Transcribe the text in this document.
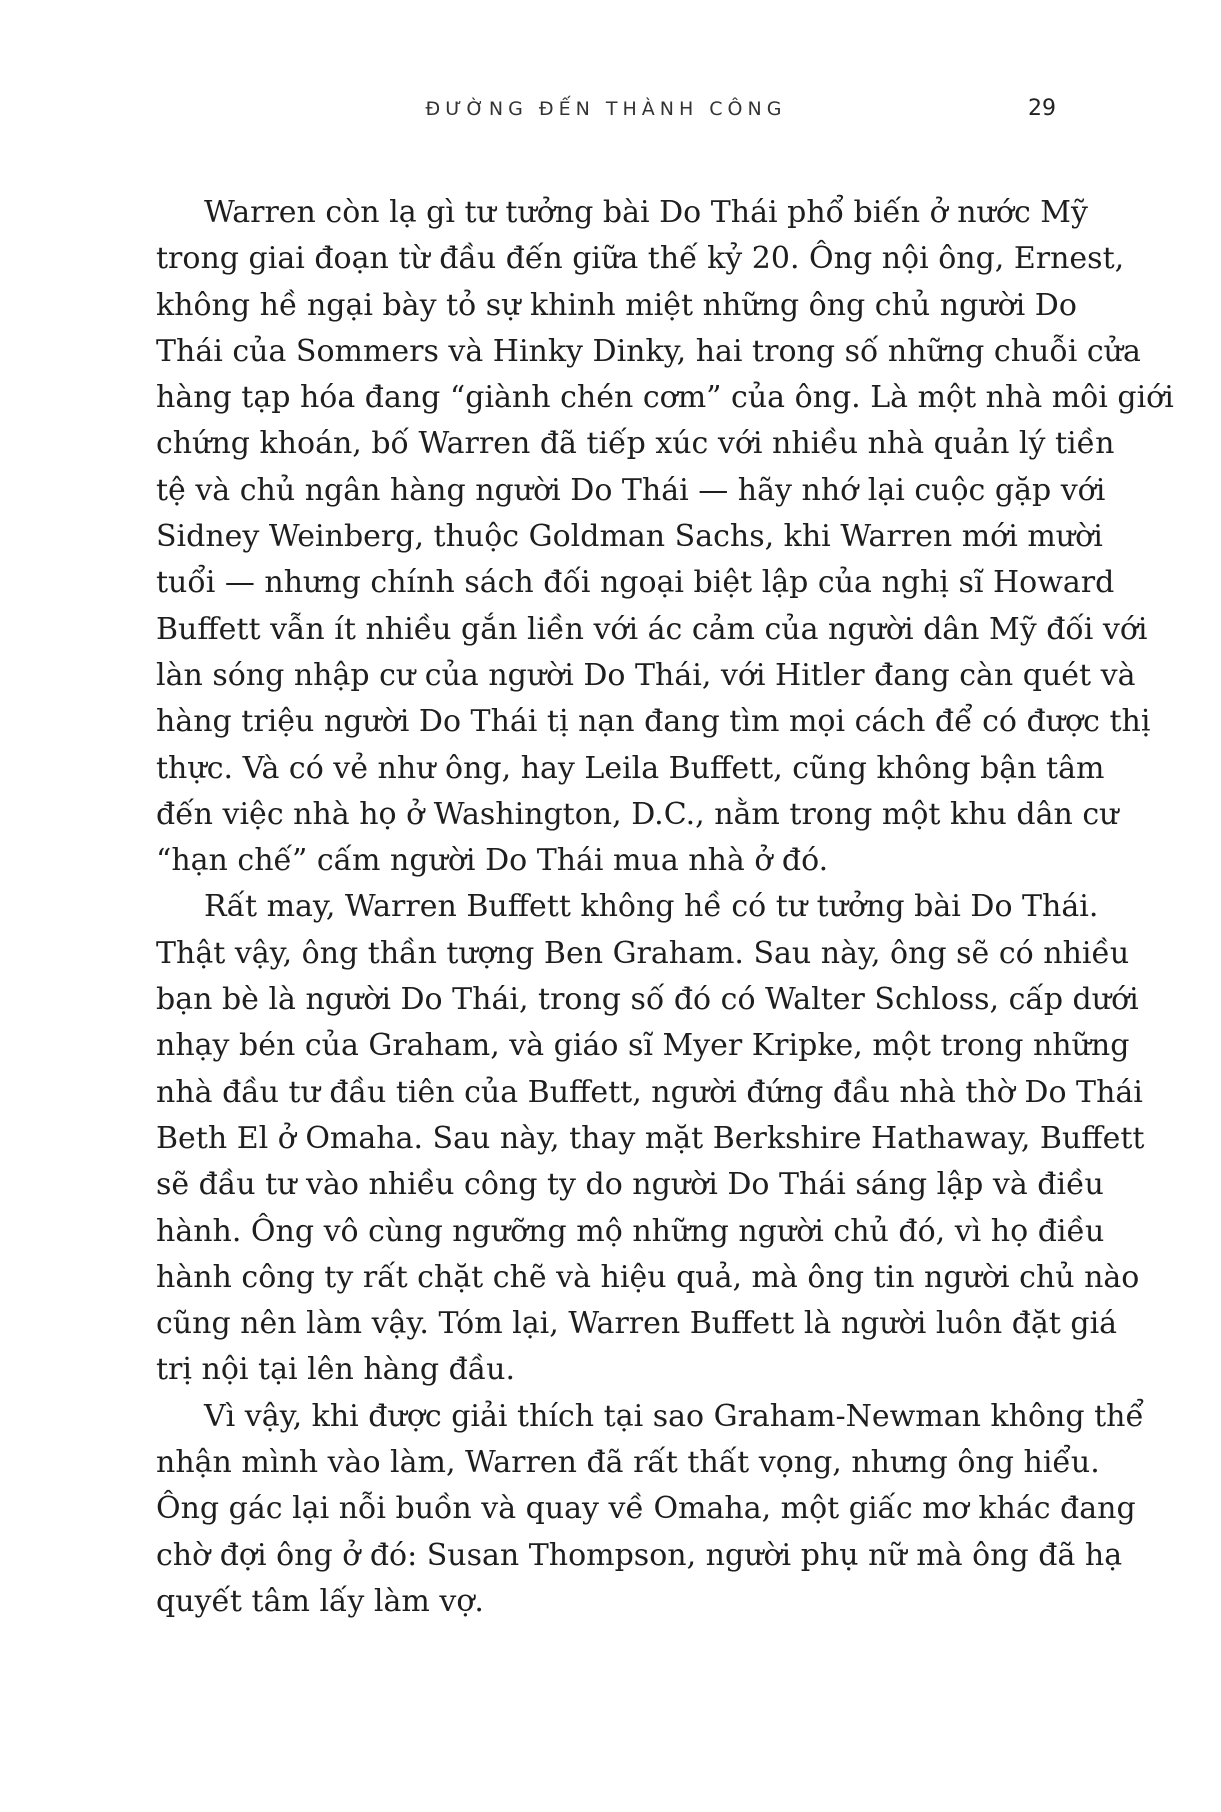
ĐƯỜNG ĐẾN THÀNH CÔNG	29
Warren còn lạ gì tư tưởng bài Do Thái phổ biến ở nước Mỹ
trong giai đoạn từ đầu đến giữa thế kỷ 20. Ông nội ông, Ernest,
không hề ngại bày tỏ sự khinh miệt những ông chủ người Do
Thái của Sommers và Hinky Dinky, hai trong số những chuỗi cửa
hàng tạp hóa đang “giành chén cơm” của ông. Là một nhà môi giới
chứng khoán, bố Warren đã tiếp xúc với nhiều nhà quản lý tiền
tệ và chủ ngân hàng người Do Thái — hãy nhớ lại cuộc gặp với
Sidney Weinberg, thuộc Goldman Sachs, khi Warren mới mười
tuổi — nhưng chính sách đối ngoại biệt lập của nghị sĩ Howard
Buffett vẫn ít nhiều gắn liền với ác cảm của người dân Mỹ đối với
làn sóng nhập cư của người Do Thái, với Hitler đang càn quét và
hàng triệu người Do Thái tị nạn đang tìm mọi cách để có được thị
thực. Và có vẻ như ông, hay Leila Buffett, cũng không bận tâm
đến việc nhà họ ở Washington, D.C., nằm trong một khu dân cư
“hạn chế” cấm người Do Thái mua nhà ở đó.
Rất may, Warren Buffett không hề có tư tưởng bài Do Thái.
Thật vậy, ông thần tượng Ben Graham. Sau này, ông sẽ có nhiều
bạn bè là người Do Thái, trong số đó có Walter Schloss, cấp dưới
nhạy bén của Graham, và giáo sĩ Myer Kripke, một trong những
nhà đầu tư đầu tiên của Buffett, người đứng đầu nhà thờ Do Thái
Beth El ở Omaha. Sau này, thay mặt Berkshire Hathaway, Buffett
sẽ đầu tư vào nhiều công ty do người Do Thái sáng lập và điều
hành. Ông vô cùng ngưỡng mộ những người chủ đó, vì họ điều
hành công ty rất chặt chẽ và hiệu quả, mà ông tin người chủ nào
cũng nên làm vậy. Tóm lại, Warren Buffett là người luôn đặt giá
trị nội tại lên hàng đầu.
Vì vậy, khi được giải thích tại sao Graham-Newman không thể
nhận mình vào làm, Warren đã rất thất vọng, nhưng ông hiểu.
Ông gác lại nỗi buồn và quay về Omaha, một giấc mơ khác đang
chờ đợi ông ở đó: Susan Thompson, người phụ nữ mà ông đã hạ
quyết tâm lấy làm vợ.
